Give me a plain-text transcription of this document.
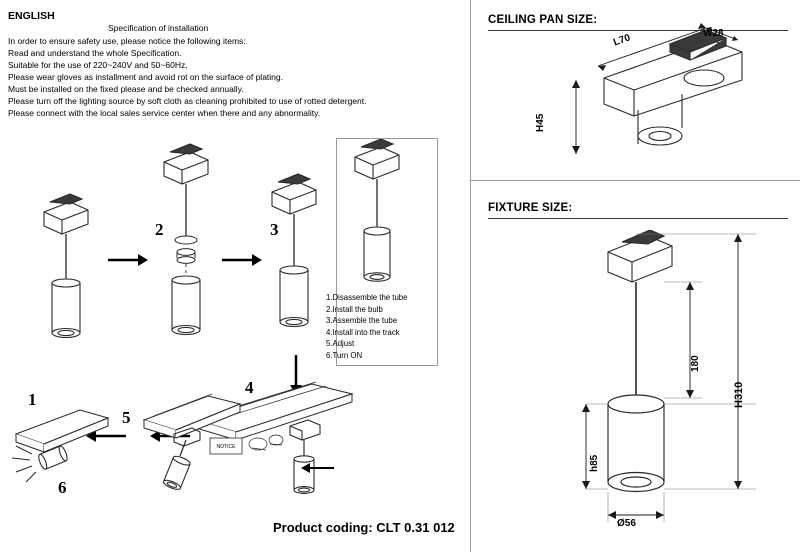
ENGLISH
Specification of installation
In order to ensure safety use, please notice the following items:
Read and understand the whole Specification.
Suitable for the use of 220~240V and 50~60Hz.
Please wear gloves as installment and avoid rot on the surface of plating.
Must be installed on the fixed please and be checked annually.
Please turn off the lighting source by soft cloth as cleaning prohibited to use of rotted detergent.
Please connect with the local sales service center when there and any abnormality.
1
2	3
1.Disassemble the tube
2.Install the bulb
3.Assemble the tube
4.Install into the track
5.Adjust
6.Turn ON
4
NOTICE
5
6
CEILING PAN SIZE:
W28
L70
H45
FIXTURE SIZE:
180
H310
h85
Ø56
Product coding: CLT 0.31 012
